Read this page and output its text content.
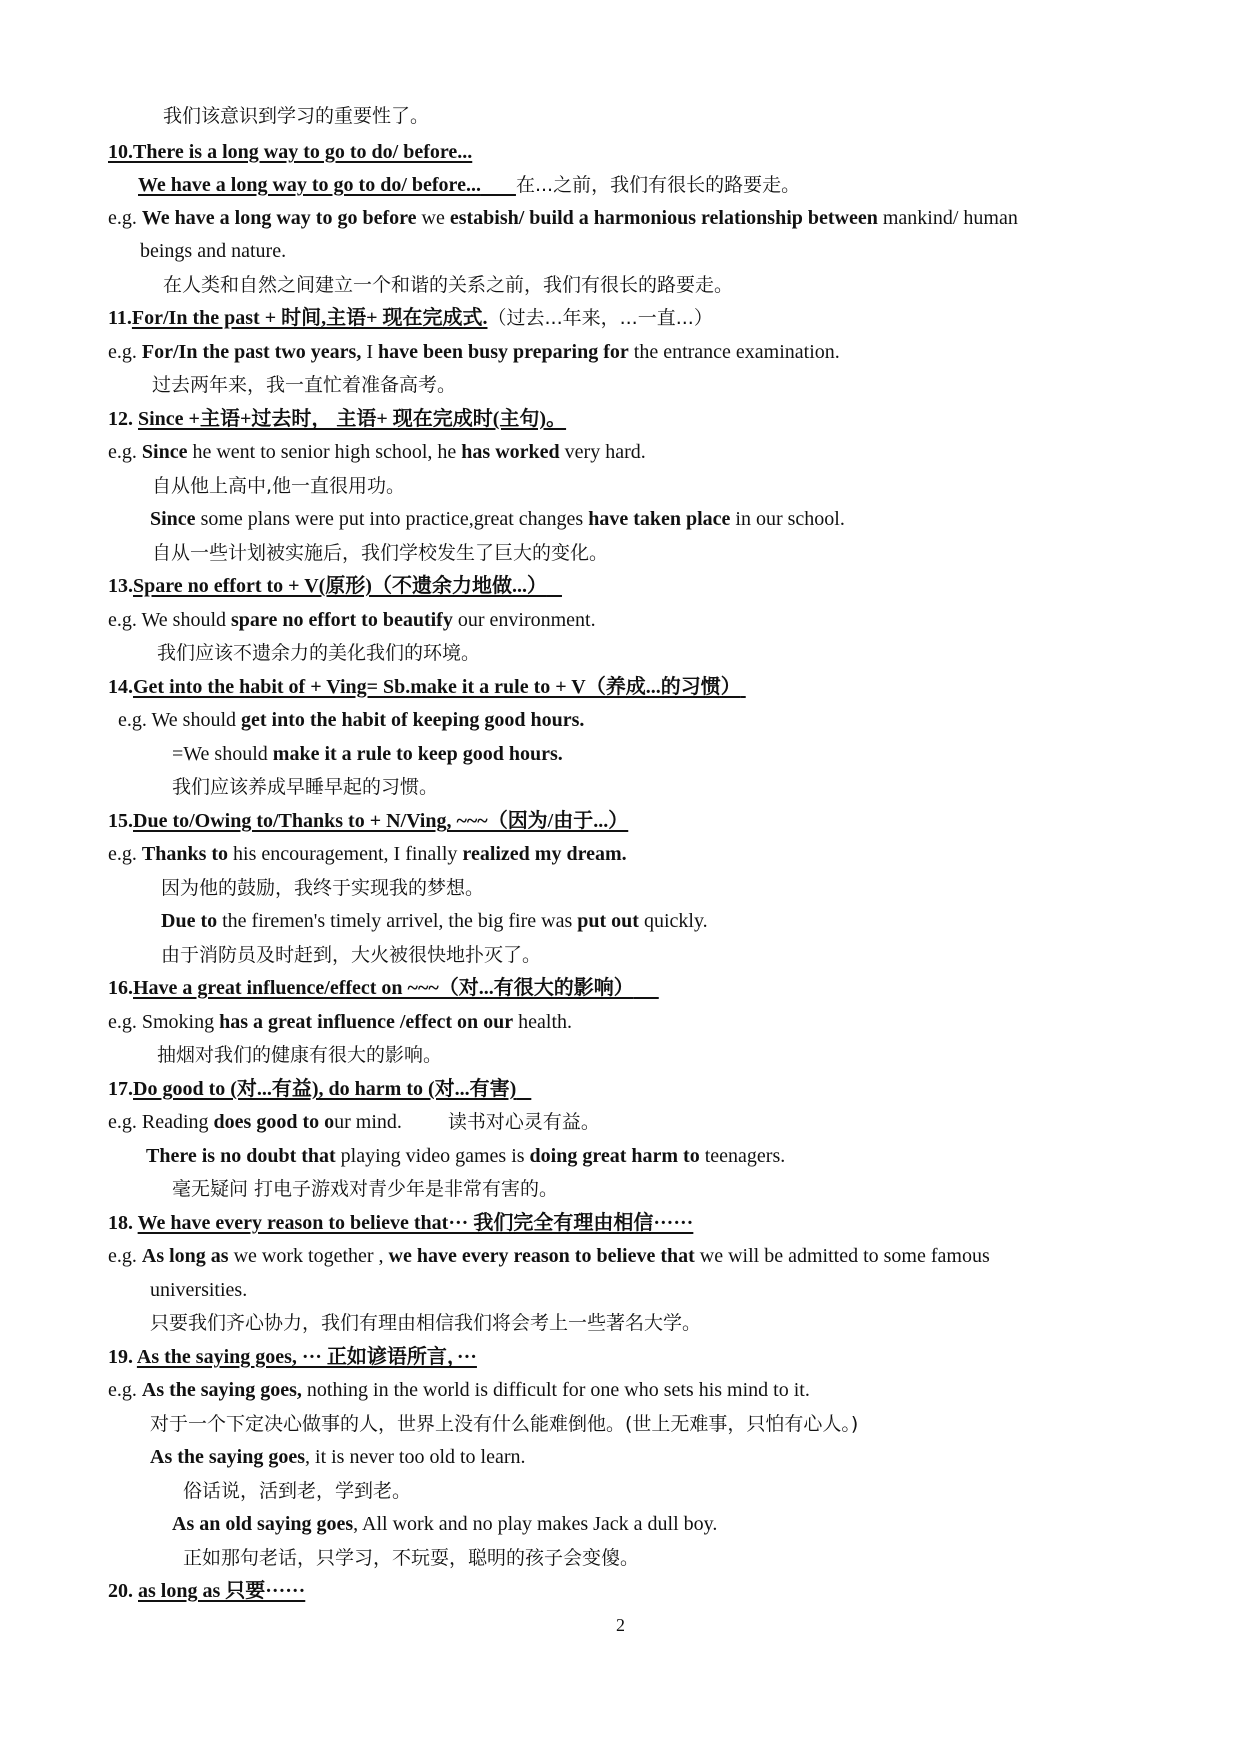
我们该意识到学习的重要性了。
10.There is a long way to go to do/ before...
We have a long way to go to do/ before... 在...之前，我们有很长的路要走。
e.g. We have a long way to go before we estabish/ build a harmonious relationship between mankind/ human
beings and nature.
在人类和自然之间建立一个和谐的关系之前，我们有很长的路要走。
11.For/In the past + 时间,主语+ 现在完成式.（过去...年来，...一直...）
e.g. For/In the past two years, I have been busy preparing for the entrance examination.
过去两年来，我一直忙着准备高考。
12. Since +主语+过去时， 主语+ 现在完成时(主句)。
e.g. Since he went to senior high school, he has worked very hard.
自从他上高中,他一直很用功。
Since some plans were put into practice,great changes have taken place in our school.
自从一些计划被实施后，我们学校发生了巨大的变化。
13.Spare no effort to + V(原形)（不遗余力地做...）
e.g. We should spare no effort to beautify our environment.
我们应该不遗余力的美化我们的环境。
14.Get into the habit of + Ving= Sb.make it a rule to + V（养成...的习惯）
e.g. We should get into the habit of keeping good hours.
=We should make it a rule to keep good hours.
我们应该养成早睡早起的习惯。
15.Due to/Owing to/Thanks to + N/Ving, ~~~（因为/由于...）
e.g. Thanks to his encouragement, I finally realized my dream.
因为他的鼓励，我终于实现我的梦想。
Due to the firemen's timely arrivel, the big fire was put out quickly.
由于消防员及时赶到，大火被很快地扑灭了。
16.Have a great influence/effect on ~~~（对...有很大的影响）
e.g. Smoking has a great influence /effect on our health.
抽烟对我们的健康有很大的影响。
17.Do good to (对...有益), do harm to (对...有害)
e.g. Reading does good to our mind. 读书对心灵有益。
There is no doubt that playing video games is doing great harm to teenagers.
毫无疑问 打电子游戏对青少年是非常有害的。
18. We have every reason to believe that··· 我们完全有理由相信······
e.g. As long as we work together , we have every reason to believe that we will be admitted to some famous
universities.
只要我们齐心协力，我们有理由相信我们将会考上一些著名大学。
19. As the saying goes, ··· 正如谚语所言，···
e.g. As the saying goes, nothing in the world is difficult for one who sets his mind to it.
对于一个下定决心做事的人，世界上没有什么能难倒他。(世上无难事，只怕有心人。)
As the saying goes, it is never too old to learn.
俗话说，活到老，学到老。
As an old saying goes, All work and no play makes Jack a dull boy.
正如那句老话，只学习，不玩耍，聪明的孩子会变傻。
20. as long as 只要······
2
